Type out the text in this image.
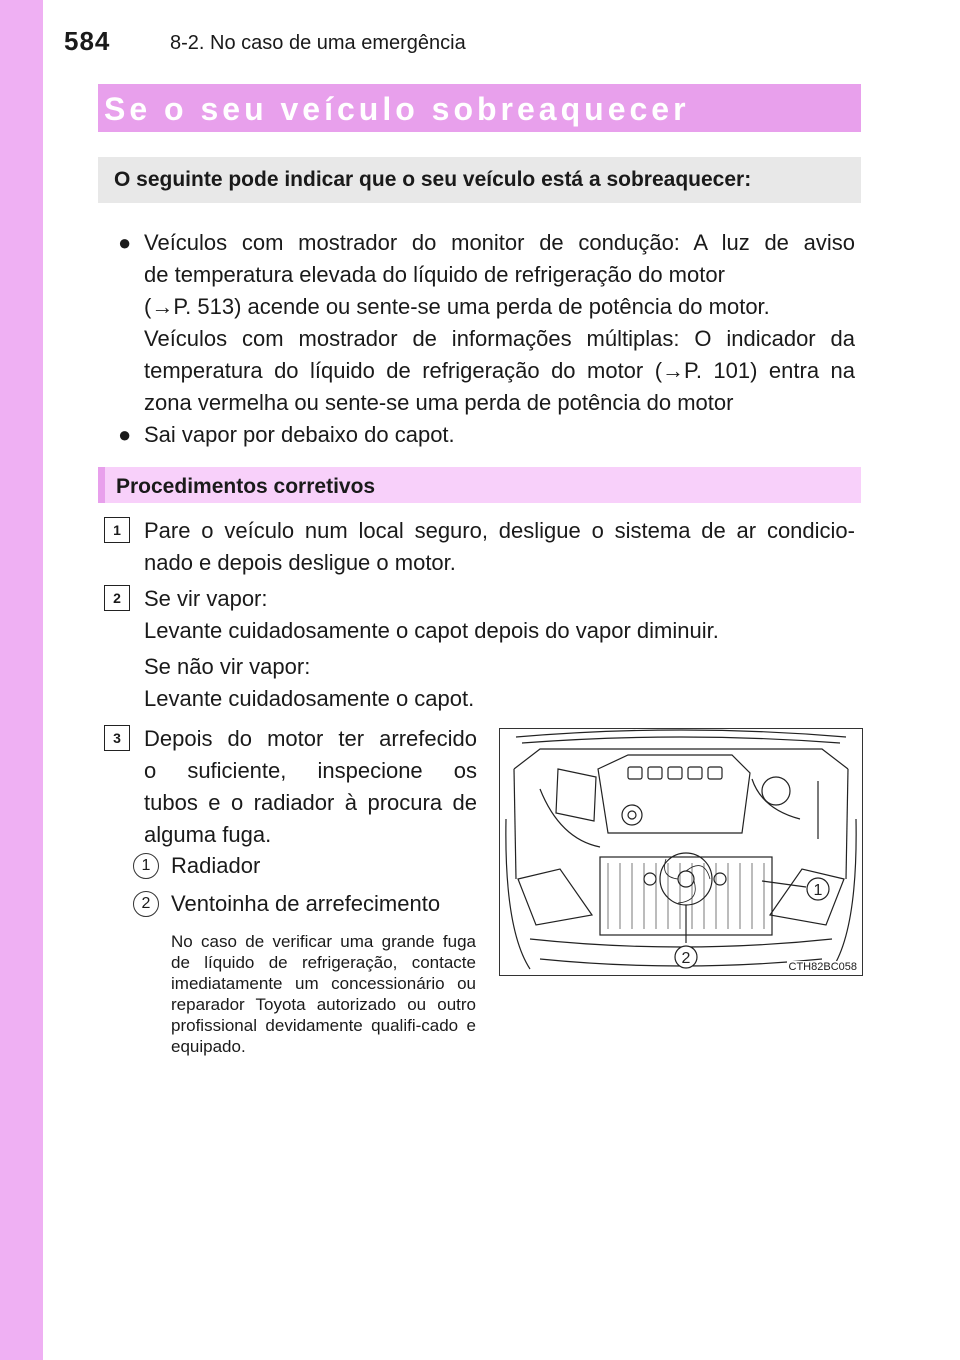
584	8-2. No caso de uma emergência
Se o seu veículo sobreaquecer
O seguinte pode indicar que o seu veículo está a sobreaquecer:
● Veículos com mostrador do monitor de condução: A luz de aviso
de temperatura elevada do líquido de refrigeração do motor
(→P. 513) acende ou sente-se uma perda de potência do motor.
Veículos com mostrador de informações múltiplas: O indicador da
temperatura do líquido de refrigeração do motor (→P. 101) entra na
zona vermelha ou sente-se uma perda de potência do motor
● Sai vapor por debaixo do capot.
Procedimentos corretivos
1	Pare o veículo num local seguro, desligue o sistema de ar condicio-
nado e depois desligue o motor.
2	Se vir vapor:
Levante cuidadosamente o capot depois do vapor diminuir.
Se não vir vapor:
Levante cuidadosamente o capot.
3	Depois do motor ter arrefecido
o suficiente, inspecione os
tubos e o radiador à procura de
alguma fuga.
1 Radiador
2 Ventoinha de arrefecimento
No caso de verificar uma grande fuga de líquido de refrigeração, contacte imediatamente um concessionário ou reparador Toyota autorizado ou outro profissional devidamente qualifi-cado e equipado.
1
2	CTH82BC058
